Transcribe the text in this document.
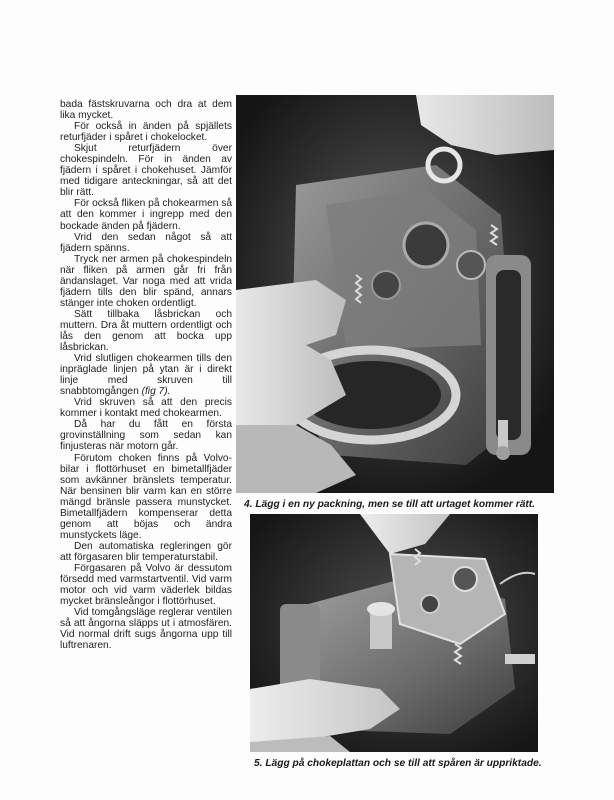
bada fästskruvarna och dra at dem lika mycket.

För också in änden på spjällets returfjäder i spåret i chokelocket.

Skjut returfjädern över chokespindeln. För in änden av fjädern i spåret i chokehuset. Jämför med tidigare anteckningar, så att det blir rätt.

För också fliken på chokearmen så att den kommer i ingrepp med den bockade änden på fjädern.

Vrid den sedan något så att fjädern spänns.

Tryck ner armen på chokespindeln när fliken på armen går fri från ändanslaget. Var noga med att vrida fjädern tills den blir spänd, annars stänger inte choken ordentligt.

Sätt tillbaka låsbrickan och muttern. Dra åt muttern ordentligt och lås den genom att bocka upp låsbrickan.

Vrid slutligen chokearmen tills den inpräglade linjen på ytan är i direkt linje med skruven till snabbtomgången (fig 7).

Vrid skruven så att den precis kommer i kontakt med chokearmen.

Då har du fått en första grovinställning som sedan kan finjusteras när motorn går.

Förutom choken finns på Volvo-bilar i flottörhuset en bimetallfjäder som avkänner bränslets temperatur. När bensinen blir varm kan en större mängd bränsle passera munstycket. Bimetallfjädern kompenserar detta genom att böjas och ändra munstyckets läge.

Den automatiska regleringen gör att förgasaren blir temperaturstabil.

Förgasaren på Volvo är dessutom försedd med varmstartventil. Vid varm motor och vid varm väderlek bildas mycket bränsleångor i flottörhuset.

Vid tomgångsläge reglerar ventilen så att ångorna släpps ut i atmosfären. Vid normal drift sugs ångorna upp till luftrenaren.

4. Lägg i en ny packning, men se till att urtaget kommer rätt.
5. Lägg på chokeplattan och se till att spåren är uppriktade.
